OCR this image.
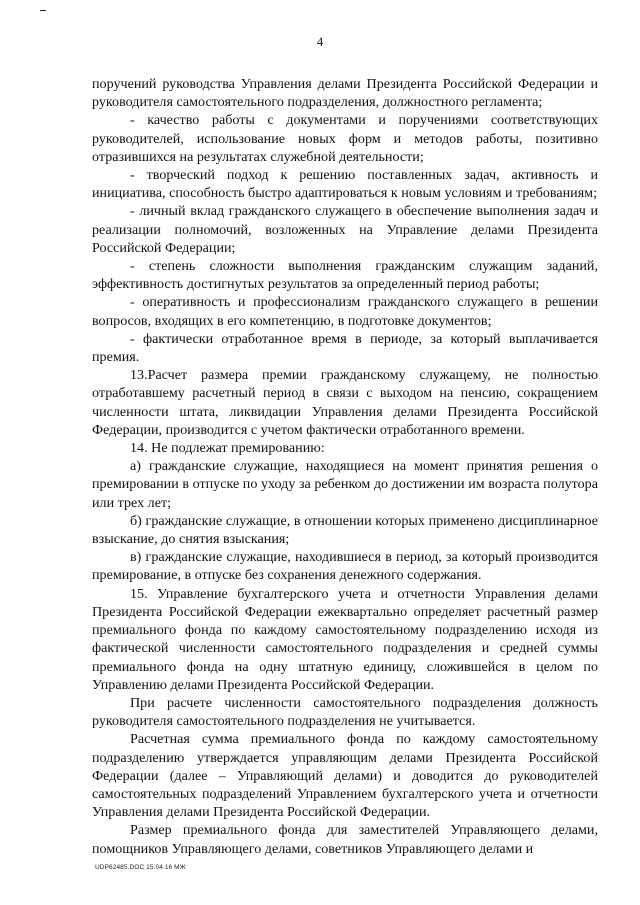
4

поручений руководства Управления делами Президента Российской Федерации и руководителя самостоятельного подразделения, должностного регламента;

- качество работы с документами и поручениями соответствующих руководителей, использование новых форм и методов работы, позитивно отразившихся на результатах служебной деятельности;

- творческий подход к решению поставленных задач, активность и инициатива, способность быстро адаптироваться к новым условиям и требованиям;

- личный вклад гражданского служащего в обеспечение выполнения задач и реализации полномочий, возложенных на Управление делами Президента Российской Федерации;

- степень сложности выполнения гражданским служащим заданий, эффективность достигнутых результатов за определенный период работы;

- оперативность и профессионализм гражданского служащего в решении вопросов, входящих в его компетенцию, в подготовке документов;

- фактически отработанное время в периоде, за который выплачивается премия.

13.Расчет размера премии гражданскому служащему, не полностью отработавшему расчетный период в связи с выходом на пенсию, сокращением численности штата, ликвидации Управления делами Президента Российской Федерации, производится с учетом фактически отработанного времени.

14. Не подлежат премированию:

а) гражданские служащие, находящиеся на момент принятия решения о премировании в отпуске по уходу за ребенком до достижении им возраста полутора или трех лет;

б) гражданские служащие, в отношении которых применено дисциплинарное взыскание, до снятия взыскания;

в) гражданские служащие, находившиеся в период, за который производится премирование, в отпуске без сохранения денежного содержания.

15. Управление бухгалтерского учета и отчетности Управления делами Президента Российской Федерации ежеквартально определяет расчетный размер премиального фонда по каждому самостоятельному подразделению исходя из фактической численности самостоятельного подразделения и средней суммы премиального фонда на одну штатную единицу, сложившейся в целом по Управлению делами Президента Российской Федерации.

При расчете численности самостоятельного подразделения должность руководителя самостоятельного подразделения не учитывается.

Расчетная сумма премиального фонда по каждому самостоятельному подразделению утверждается управляющим делами Президента Российской Федерации (далее – Управляющий делами) и доводится до руководителей самостоятельных подразделений Управлением бухгалтерского учета и отчетности Управления делами Президента Российской Федерации.

Размер премиального фонда для заместителей Управляющего делами, помощников Управляющего делами, советников Управляющего делами и

UDP62485.DOC 15.04.16 МЖ
